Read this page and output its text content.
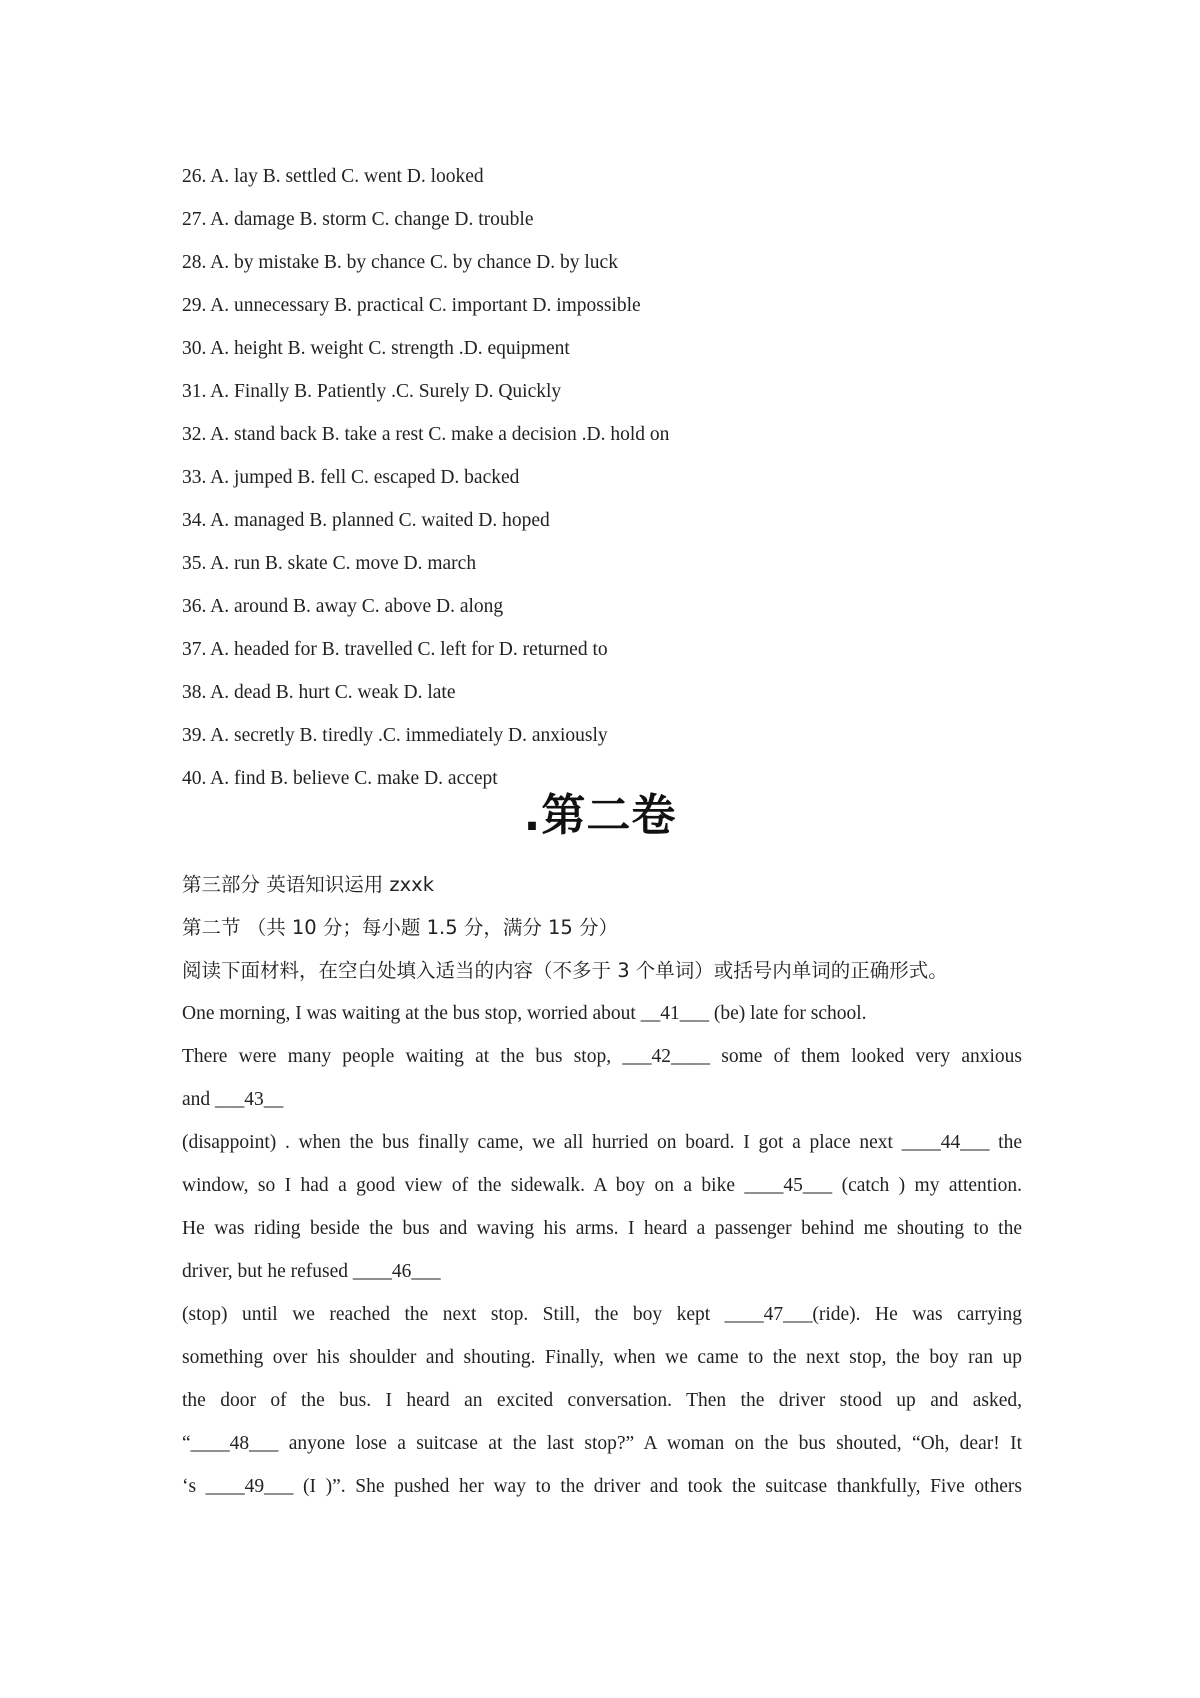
26. A. lay B. settled C. went D. looked
27. A. damage B. storm C. change D. trouble
28. A. by mistake B. by chance C. by chance D. by luck
29. A. unnecessary B. practical C. important D. impossible
30. A. height B. weight C. strength .D. equipment
31. A. Finally B. Patiently .C. Surely D. Quickly
32. A. stand back B. take a rest C. make a decision .D. hold on
33. A. jumped B. fell C. escaped D. backed
34. A. managed B. planned C. waited D. hoped
35. A. run B. skate C. move D. march
36. A. around B. away C. above D. along
37. A. headed for B. travelled C. left for D. returned to
38. A. dead B. hurt C. weak D. late
39. A. secretly B. tiredly .C. immediately D. anxiously
40. A. find B. believe C. make D. accept
.第二卷
第三部分 英语知识运用 zxxk
第二节 （共 10 分；每小题 1.5 分，满分 15 分）
阅读下面材料，在空白处填入适当的内容（不多于 3 个单词）或括号内单词的正确形式。
One morning, I was waiting at the bus stop, worried about __41___ (be) late for school.
There were many people waiting at the bus stop, ___42____ some of them looked very anxious
and ___43__
(disappoint) . when the bus finally came, we all hurried on board. I got a place next ____44___ the
window, so I had a good view of the sidewalk. A boy on a bike ____45___ (catch ) my attention.
He was riding beside the bus and waving his arms. I heard a passenger behind me shouting to the
driver, but he refused ____46___
(stop) until we reached the next stop. Still, the boy kept ____47___(ride). He was carrying
something over his shoulder and shouting. Finally, when we came to the next stop, the boy ran up
the door of the bus. I heard an excited conversation. Then the driver stood up and asked,
“____48___ anyone lose a suitcase at the last stop?” A woman on the bus shouted, “Oh, dear! It
‘s ____49___ (I )”. She pushed her way to the driver and took the suitcase thankfully, Five others
